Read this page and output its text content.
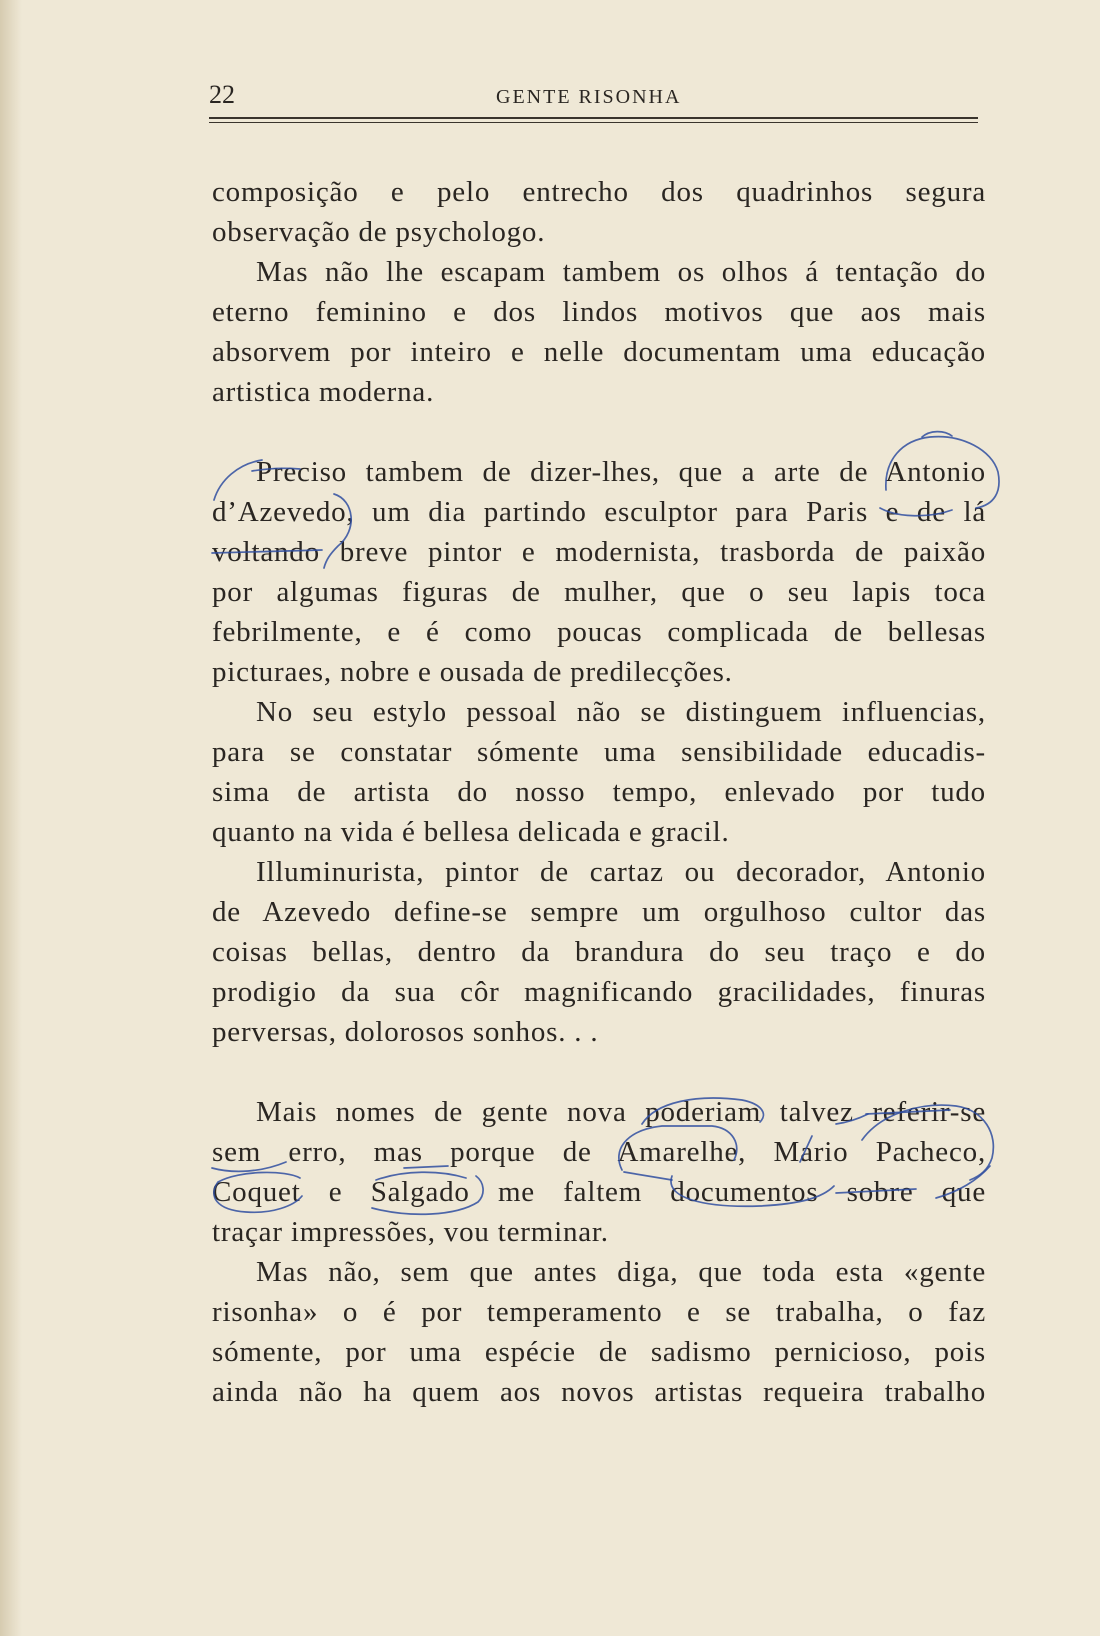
22	GENTE RISONHA
composição e pelo entrecho dos quadrinhos segura
observação de psychologo.
Mas não lhe escapam tambem os olhos á tentação do
eterno feminino e dos lindos motivos que aos mais
absorvem por inteiro e nelle documentam uma educação
artistica moderna.
Preciso tambem de dizer-lhes, que a arte de Antonio
d’Azevedo, um dia partindo esculptor para Paris e de lá
voltando breve pintor e modernista, trasborda de paixão
por algumas figuras de mulher, que o seu lapis toca
febrilmente, e é como poucas complicada de bellesas
picturaes, nobre e ousada de predilecções.
No seu estylo pessoal não se distinguem influencias,
para se constatar sómente uma sensibilidade educadis-
sima de artista do nosso tempo, enlevado por tudo
quanto na vida é bellesa delicada e gracil.
Illuminurista, pintor de cartaz ou decorador, Antonio
de Azevedo define-se sempre um orgulhoso cultor das
coisas bellas, dentro da brandura do seu traço e do
prodigio da sua côr magnificando gracilidades, finuras
perversas, dolorosos sonhos. . .
Mais nomes de gente nova poderiam talvez referir-se
sem erro, mas porque de Amarelhe, Mario Pacheco,
Coquet e Salgado me faltem documentos sobre que
traçar impressões, vou terminar.
Mas não, sem que antes diga, que toda esta «gente
risonha» o é por temperamento e se trabalha, o faz
sómente, por uma espécie de sadismo pernicioso, pois
ainda não ha quem aos novos artistas requeira trabalho
